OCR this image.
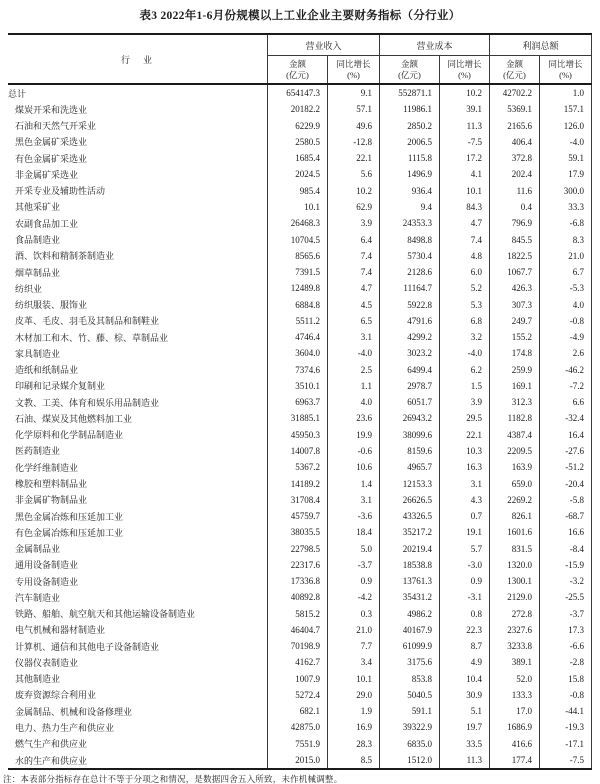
表3 2022年1-6月份规模以上工业企业主要财务指标（分行业）
行　业
营业收入	营业成本	利润总额
金额
(亿元)
同比增长
(%)
金额
(亿元)
同比增长
(%)
金额
(亿元)
同比增长
(%)
总计	654147.3	9.1	552871.1	10.2	42702.2	1.0
煤炭开采和洗选业	20182.2	57.1	11986.1	39.1	5369.1	157.1
石油和天然气开采业	6229.9	49.6	2850.2	11.3	2165.6	126.0
黑色金属矿采选业	2580.5	-12.8	2006.5	-7.5	406.4	-4.0
有色金属矿采选业	1685.4	22.1	1115.8	17.2	372.8	59.1
非金属矿采选业	2024.5	5.6	1496.9	4.1	202.4	17.9
开采专业及辅助性活动	985.4	10.2	936.4	10.1	11.6	300.0
其他采矿业	10.1	62.9	9.4	84.3	0.4	33.3
农副食品加工业	26468.3	3.9	24353.3	4.7	796.9	-6.8
食品制造业	10704.5	6.4	8498.8	7.4	845.5	8.3
酒、饮料和精制茶制造业	8565.6	7.4	5730.4	4.8	1822.5	21.0
烟草制品业	7391.5	7.4	2128.6	6.0	1067.7	6.7
纺织业	12489.8	4.7	11164.7	5.2	426.3	-5.3
纺织服装、服饰业	6884.8	4.5	5922.8	5.3	307.3	4.0
皮革、毛皮、羽毛及其制品和制鞋业	5511.2	6.5	4791.6	6.8	249.7	-0.8
木材加工和木、竹、藤、棕、草制品业	4746.4	3.1	4299.2	3.2	155.2	-4.9
家具制造业	3604.0	-4.0	3023.2	-4.0	174.8	2.6
造纸和纸制品业	7374.6	2.5	6499.4	6.2	259.9	-46.2
印刷和记录媒介复制业	3510.1	1.1	2978.7	1.5	169.1	-7.2
文教、工美、体育和娱乐用品制造业	6963.7	4.0	6051.7	3.9	312.3	6.6
石油、煤炭及其他燃料加工业	31885.1	23.6	26943.2	29.5	1182.8	-32.4
化学原料和化学制品制造业	45950.3	19.9	38099.6	22.1	4387.4	16.4
医药制造业	14007.8	-0.6	8159.6	10.3	2209.5	-27.6
化学纤维制造业	5367.2	10.6	4965.7	16.3	163.9	-51.2
橡胶和塑料制品业	14189.2	1.4	12153.3	3.1	659.0	-20.4
非金属矿物制品业	31708.4	3.1	26626.5	4.3	2269.2	-5.8
黑色金属冶炼和压延加工业	45759.7	-3.6	43326.5	0.7	826.1	-68.7
有色金属冶炼和压延加工业	38035.5	18.4	35217.2	19.1	1601.6	16.6
金属制品业	22798.5	5.0	20219.4	5.7	831.5	-8.4
通用设备制造业	22317.6	-3.7	18538.8	-3.0	1320.0	-15.9
专用设备制造业	17336.8	0.9	13761.3	0.9	1300.1	-3.2
汽车制造业	40892.8	-4.2	35431.2	-3.1	2129.0	-25.5
铁路、船舶、航空航天和其他运输设备制造业	5815.2	0.3	4986.2	0.8	272.8	-3.7
电气机械和器材制造业	46404.7	21.0	40167.9	22.3	2327.6	17.3
计算机、通信和其他电子设备制造业	70198.9	7.7	61099.9	8.7	3233.8	-6.6
仪器仪表制造业	4162.7	3.4	3175.6	4.9	389.1	-2.8
其他制造业	1007.9	10.1	853.8	10.4	52.0	15.8
废弃资源综合利用业	5272.4	29.0	5040.5	30.9	133.3	-0.8
金属制品、机械和设备修理业	682.1	1.9	591.1	5.1	17.0	-44.1
电力、热力生产和供应业	42875.0	16.9	39322.9	19.7	1686.9	-19.3
燃气生产和供应业	7551.9	28.3	6835.0	33.5	416.6	-17.1
水的生产和供应业	2015.0	8.5	1512.0	11.3	177.4	-7.5
注：本表部分指标存在总计不等于分项之和情况，是数据四舍五入所致，未作机械调整。
